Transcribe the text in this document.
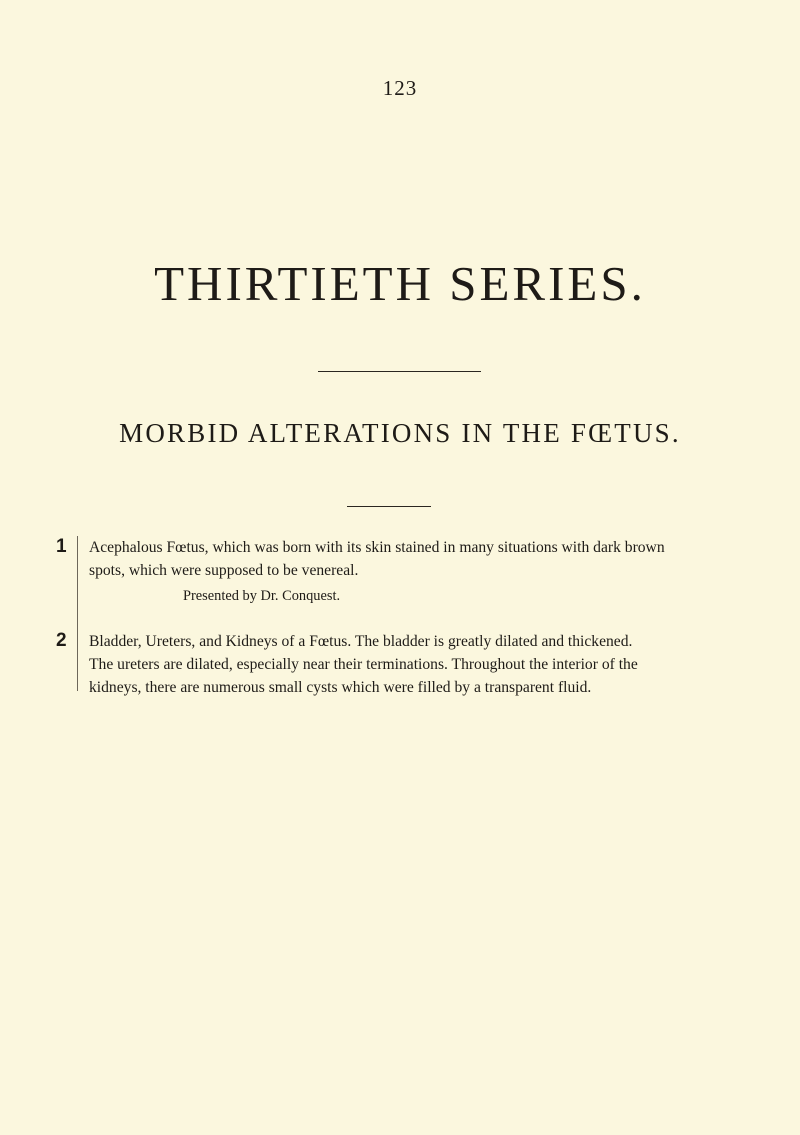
123
THIRTIETH SERIES.
MORBID ALTERATIONS IN THE FŒTUS.
1 Acephalous Fœtus, which was born with its skin stained in many situations with dark brown
spots, which were supposed to be venereal.
Presented by Dr. Conquest.
2 Bladder, Ureters, and Kidneys of a Fœtus. The bladder is greatly dilated and thickened.
The ureters are dilated, especially near their terminations. Throughout the interior of the
kidneys, there are numerous small cysts which were filled by a transparent fluid.
